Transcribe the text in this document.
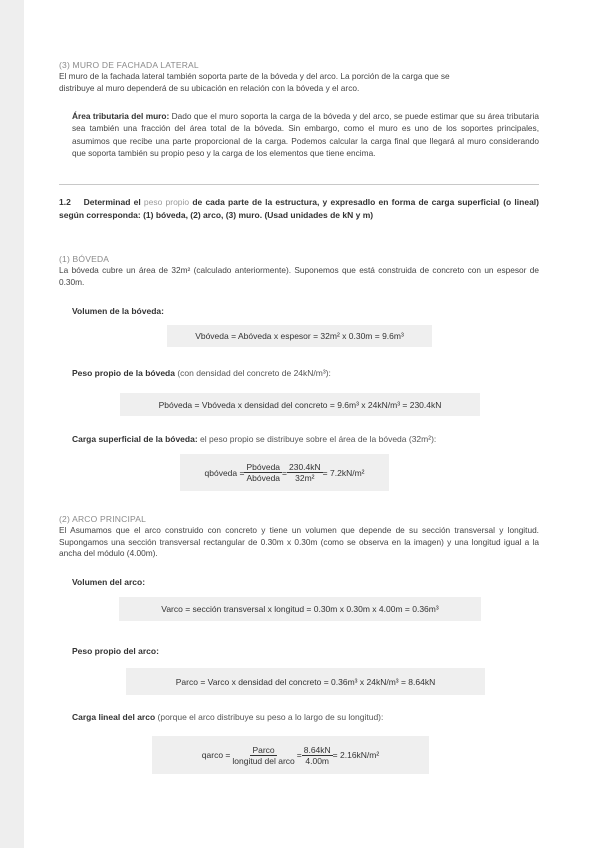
(3) MURO DE FACHADA LATERAL

El muro de la fachada lateral también soporta parte de la bóveda y del arco. La porción de la carga que se

distribuye al muro dependerá de su ubicación en relación con la bóveda y el arco.

Área tributaria del muro: Dado que el muro soporta la carga de la bóveda y del arco, se puede estimar que su área tributaria sea también una fracción del área total de la bóveda. Sin embargo, como el muro es uno de los soportes principales, asumimos que recibe una parte proporcional de la carga. Podemos calcular la carga final que llegará al muro considerando que soporta también su propio peso y la carga de los elementos que tiene encima.

1.2 Determinad el peso propio de cada parte de la estructura, y expresadlo en forma de carga superficial (o lineal) según corresponda: (1) bóveda, (2) arco, (3) muro. (Usad unidades de kN y m)

(1) BÓVEDA

La bóveda cubre un área de 32m² (calculado anteriormente). Suponemos que está construida de concreto con un espesor de 0.30m.

Volumen de la bóveda:

Vbóveda = Abóveda x espesor = 32m² x 0.30m = 9.6m³

Peso propio de la bóveda (con densidad del concreto de 24kN/m³):

Pbóveda = Vbóveda x densidad del concreto = 9.6m³ x 24kN/m³ = 230.4kN

Carga superficial de la bóveda: el peso propio se distribuye sobre el área de la bóveda (32m²):

qbóveda = $\frac{\text{Pbóveda}}{\text{Abóveda}} = \frac{230.4kN}{\text{32m²}} = 7.2kN/m^2$

(2) ARCO PRINCIPAL

El Asumamos que el arco construido con concreto y tiene un volumen que depende de su sección transversal y longitud. Supongamos una sección transversal rectangular de 0.30m x 0.30m (como se observa en la imagen) y una longitud igual a la ancha del módulo (4.00m).

Volumen del arco:

Varco = sección transversal x longitud = 0.30m x 0.30m x 4.00m = 0.36m³

Peso propio del arco:

Parco = Varco x densidad del concreto = 0.36m³ x 24kN/m³ = 8.64kN

Carga lineal del arco (porque el arco distribuye su peso a lo largo de su longitud):

qarco = $\frac{\text{Parco}}{\text{longitud del arco}} = \frac{8.64kN}{4.00m} = 2.16kN/m^2$
